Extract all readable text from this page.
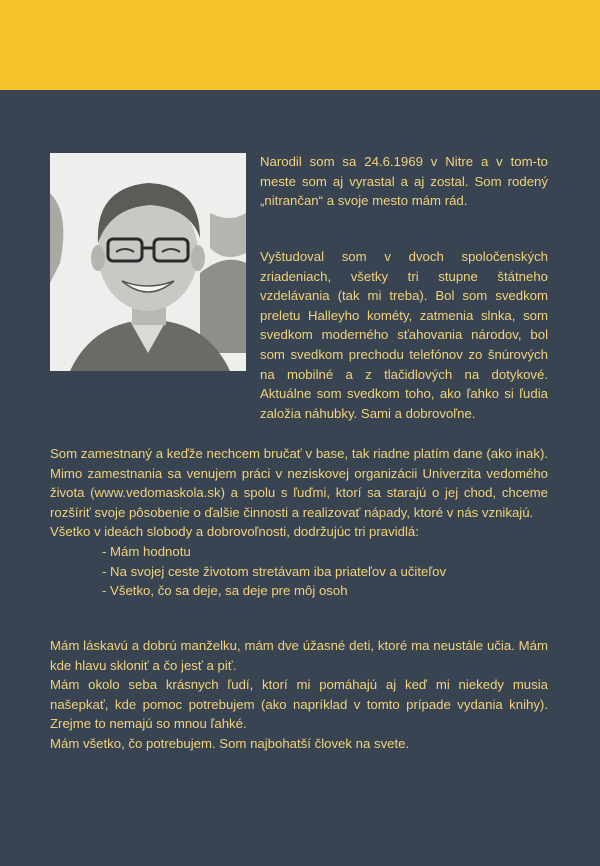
Narodil som sa 24.6.1969 v Nitre a v tom-to meste som aj vyrastal a aj zostal. Som rodený „nitrančan“ a svoje mesto mám rád.

Vyštudoval som v dvoch spoločenských zriadeniach, všetky tri stupne štátneho vzdelávania (tak mi treba). Bol som svedkom preletu Halleyho kométy, zatmenia slnka, som svedkom moderného sťahovania národov, bol som svedkom prechodu telefónov zo šnúrových na mobilné a z tlačidlových na dotykové. Aktuálne som svedkom toho, ako ľahko si ľudia založia náhubky. Sami a dobrovoľne.

Som zamestnaný a keďže nechcem bručať v base, tak riadne platím dane (ako inak). Mimo zamestnania sa venujem práci v neziskovej organizácii Univerzita vedomého života (www.vedomaskola.sk) a spolu s ľuďmi, ktorí sa starajú o jej chod, chceme rozšíriť svoje pôsobenie o ďalšie činnosti a realizovať nápady, ktoré v nás vznikajú.

Všetko v ideách slobody a dobrovoľnosti, dodržujúc tri pravidlá:

- Mám hodnotu
- Na svojej ceste životom stretávam iba priateľov a učiteľov
- Všetko, čo sa deje, sa deje pre môj osoh

Mám láskavú a dobrú manželku, mám dve úžasné deti, ktoré ma neustále učia. Mám kde hlavu skloniť a čo jesť a piť.

Mám okolo seba krásnych ľudí, ktorí mi pomáhajú aj keď mi niekedy musia našepkať, kde pomoc potrebujem (ako napríklad v tomto prípade vydania knihy). Zrejme to nemajú so mnou ľahké.

Mám všetko, čo potrebujem. Som najbohatší človek na svete.
